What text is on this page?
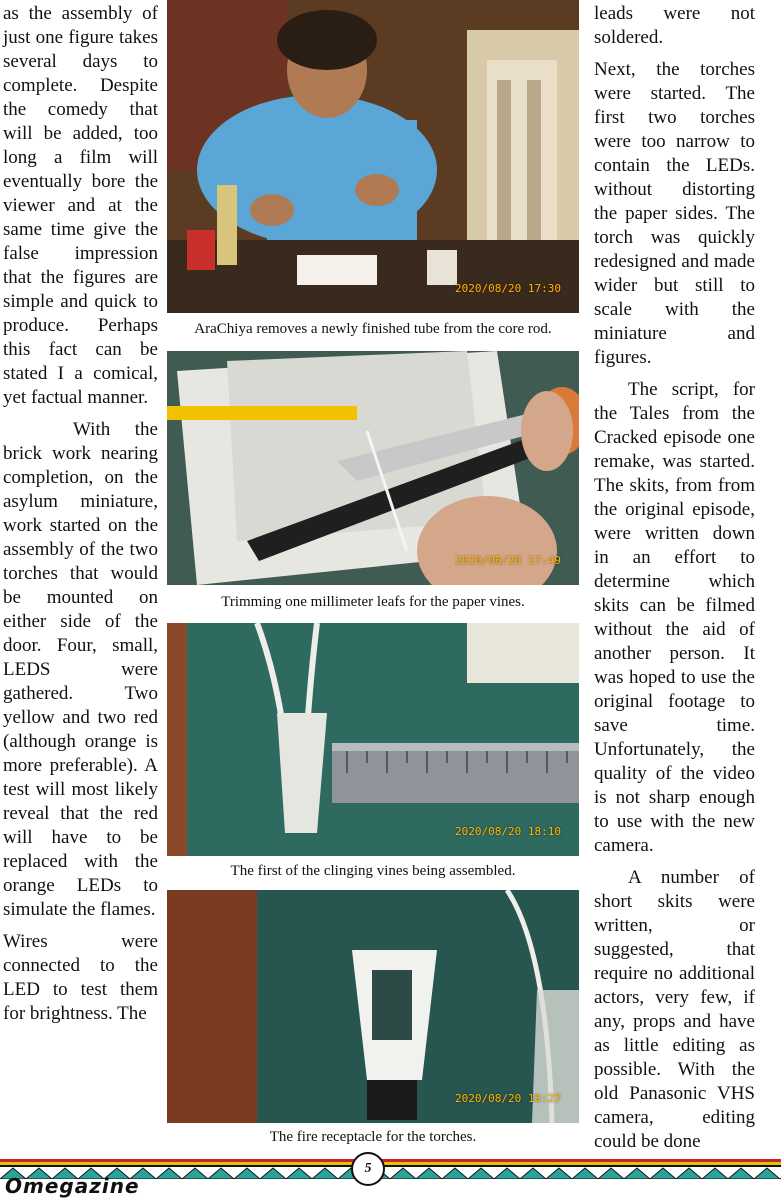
as the assembly of just one figure takes several days to complete. Despite the comedy that will be added, too long a film will eventually bore the viewer and at the same time give the false impression that the figures are simple and quick to produce. Perhaps this fact can be stated I a comical, yet factual manner.

With the brick work nearing completion, on the asylum miniature, work started on the assembly of the two torches that would be mounted on either side of the door. Four, small, LEDS were gathered. Two yellow and two red (although orange is more preferable). A test will most likely reveal that the red will have to be replaced with the orange LEDs to simulate the flames.

Wires were connected to the LED to test them for brightness. The

2020/08/20 17:30
AraChiya removes a newly finished tube from the core rod.
2020/08/20 17:49
Trimming one millimeter leafs for the paper vines.
2020/08/20 18:10
The first of the clinging vines being assembled.
2020/08/20 18:27
The fire receptacle for the torches.

leads were not soldered.

Next, the torches were started. The first two torches were too narrow to contain the LEDs. without distorting the paper sides. The torch was quickly redesigned and made wider but still to scale with the miniature and figures.

The script, for the Tales from the Cracked episode one remake, was started. The skits, from from the original episode, were written down in an effort to determine which skits can be filmed without the aid of another person. It was hoped to use the original footage to save time. Unfortunately, the quality of the video is not sharp enough to use with the new camera.

A number of short skits were written, or suggested, that require no additional actors, very few, if any, props and have as little editing as possible. With the old Panasonic VHS camera, editing could be done

5
Omegazine
